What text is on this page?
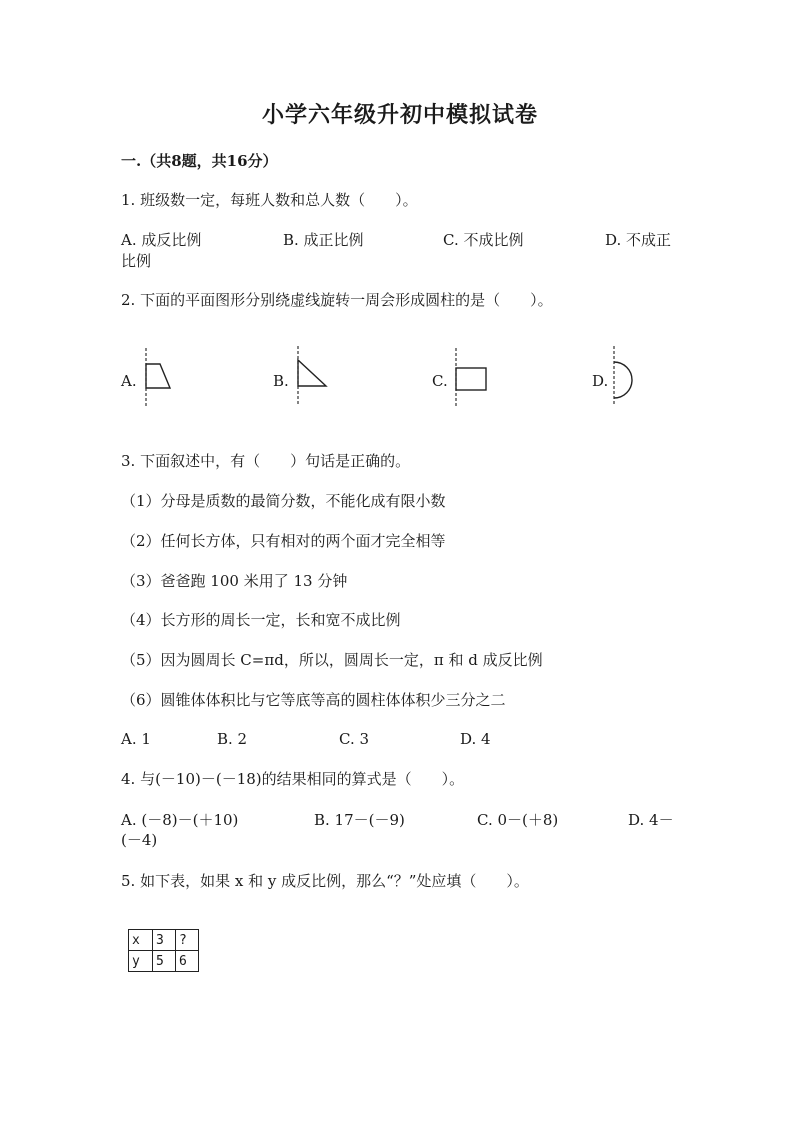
小学六年级升初中模拟试卷
一.（共8题，共16分）
1. 班级数一定，每班人数和总人数（　　）。
A. 成反比例	B. 成正比例	C. 不成比例	D. 不成正
比例
2. 下面的平面图形分别绕虚线旋转一周会形成圆柱的是（　　）。
A.	B.	C.	D.
3. 下面叙述中，有（　　）句话是正确的。
（1）分母是质数的最简分数，不能化成有限小数
（2）任何长方体，只有相对的两个面才完全相等
（3）爸爸跑 100 米用了 13 分钟
（4）长方形的周长一定，长和宽不成比例
（5）因为圆周长 C=πd，所以，圆周长一定，π 和 d 成反比例
（6）圆锥体体积比与它等底等高的圆柱体体积少三分之二
A. 1	B. 2	C. 3	D. 4
4. 与(－10)－(－18)的结果相同的算式是（　　）。
A. (－8)－(＋10)	B. 17－(－9)	C. 0－(＋8)	D. 4－
(－4)
5. 如下表，如果 x 和 y 成反比例，那么“？”处应填（　　）。
x	3	?
y	5	6
